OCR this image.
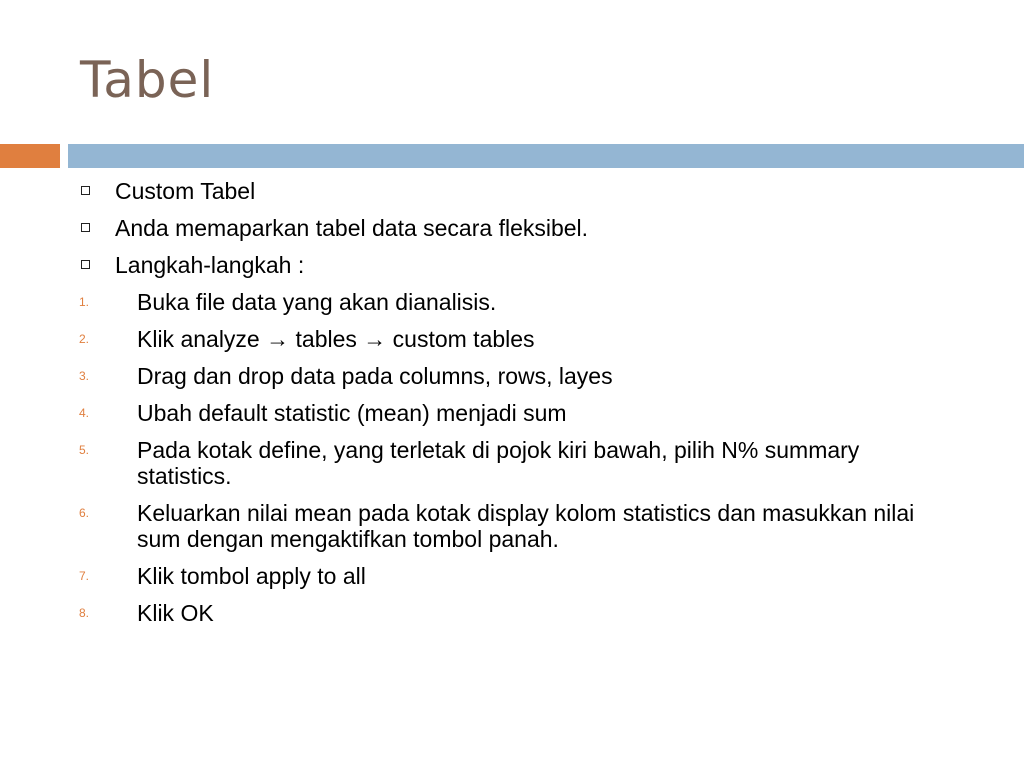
Tabel
Custom Tabel
Anda memaparkan tabel data secara fleksibel.
Langkah-langkah :
1. Buka file data yang akan dianalisis.
2. Klik analyze → tables → custom tables
3. Drag dan drop data pada columns, rows, layes
4. Ubah default statistic (mean) menjadi sum
5. Pada kotak define, yang terletak di pojok kiri bawah, pilih N% summary statistics.
6. Keluarkan nilai mean pada kotak display kolom statistics dan masukkan nilai sum dengan mengaktifkan tombol panah.
7. Klik tombol apply to all
8. Klik OK
